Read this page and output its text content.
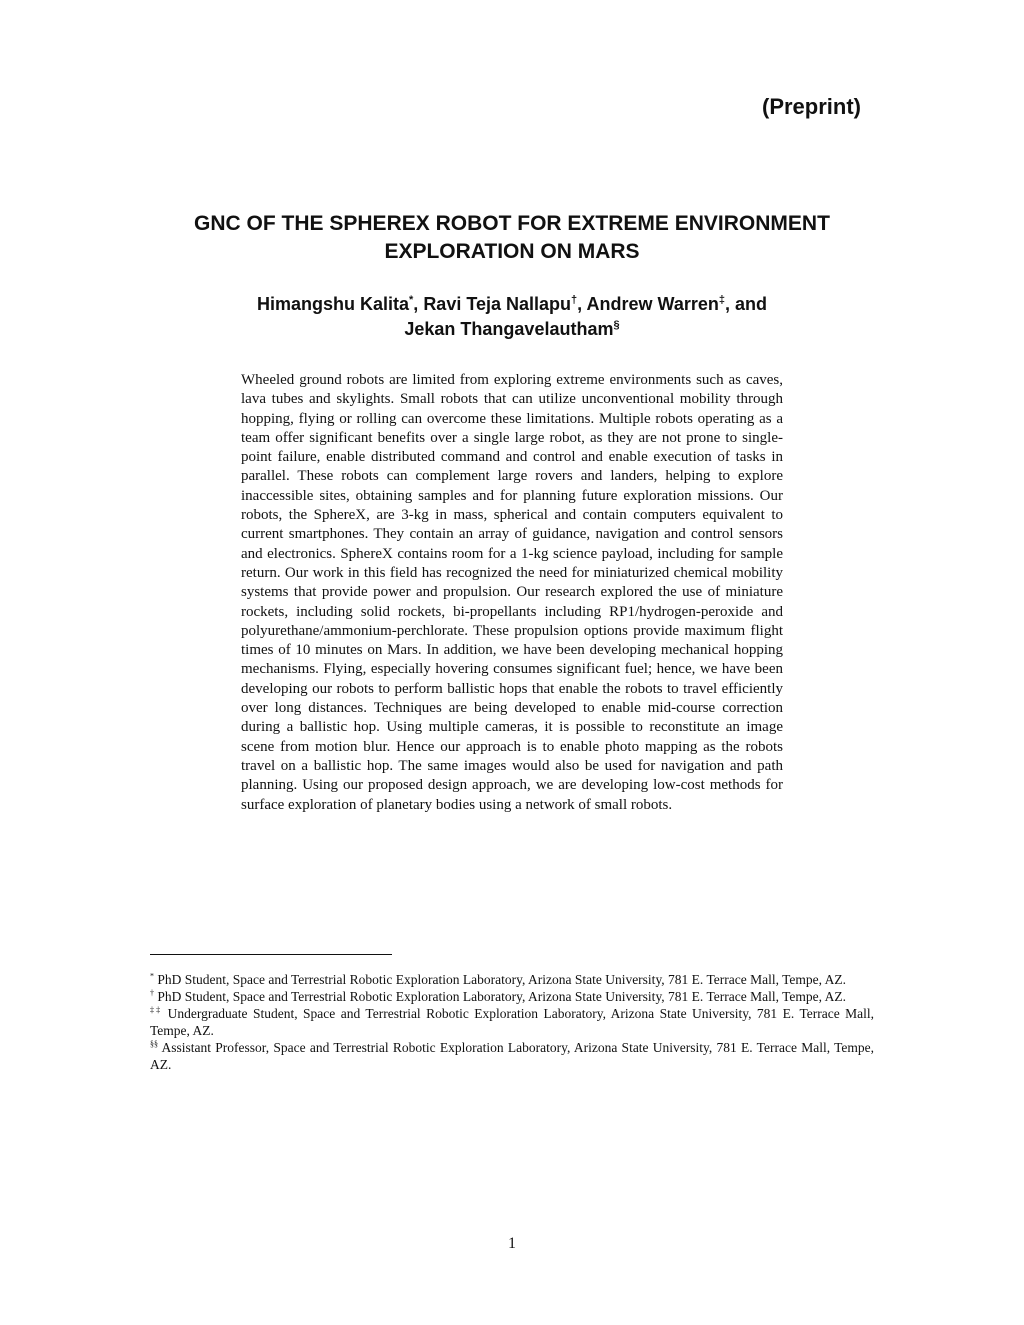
(Preprint)
GNC OF THE SPHEREX ROBOT FOR EXTREME ENVIRONMENT
EXPLORATION ON MARS
Himangshu Kalita*, Ravi Teja Nallapu†, Andrew Warren‡, and
Jekan Thangavelautham§
Wheeled ground robots are limited from exploring extreme environments such as caves, lava tubes and skylights. Small robots that can utilize unconventional mobility through hopping, flying or rolling can overcome these limitations. Multiple robots operating as a team offer significant benefits over a single large robot, as they are not prone to single-point failure, enable distributed command and control and enable execution of tasks in parallel. These robots can complement large rovers and landers, helping to explore inaccessible sites, obtaining samples and for planning future exploration missions. Our robots, the SphereX, are 3-kg in mass, spherical and contain computers equivalent to current smartphones. They contain an array of guidance, navigation and control sensors and electronics. SphereX contains room for a 1-kg science payload, including for sample return. Our work in this field has recognized the need for miniaturized chemical mobility systems that provide power and propulsion. Our research explored the use of miniature rockets, including solid rockets, bi-propellants including RP1/hydrogen-peroxide and polyurethane/ammonium-perchlorate. These propulsion options provide maximum flight times of 10 minutes on Mars. In addition, we have been developing mechanical hopping mechanisms. Flying, especially hovering consumes significant fuel; hence, we have been developing our robots to perform ballistic hops that enable the robots to travel efficiently over long distances. Techniques are being developed to enable mid-course correction during a ballistic hop. Using multiple cameras, it is possible to reconstitute an image scene from motion blur. Hence our approach is to enable photo mapping as the robots travel on a ballistic hop. The same images would also be used for navigation and path planning. Using our proposed design approach, we are developing low-cost methods for surface exploration of planetary bodies using a network of small robots.

* PhD Student, Space and Terrestrial Robotic Exploration Laboratory, Arizona State University, 781 E. Terrace Mall, Tempe, AZ.

† PhD Student, Space and Terrestrial Robotic Exploration Laboratory, Arizona State University, 781 E. Terrace Mall, Tempe, AZ.

‡‡ Undergraduate Student, Space and Terrestrial Robotic Exploration Laboratory, Arizona State University, 781 E. Terrace Mall, Tempe, AZ.

§§ Assistant Professor, Space and Terrestrial Robotic Exploration Laboratory, Arizona State University, 781 E. Terrace Mall, Tempe, AZ.

1
